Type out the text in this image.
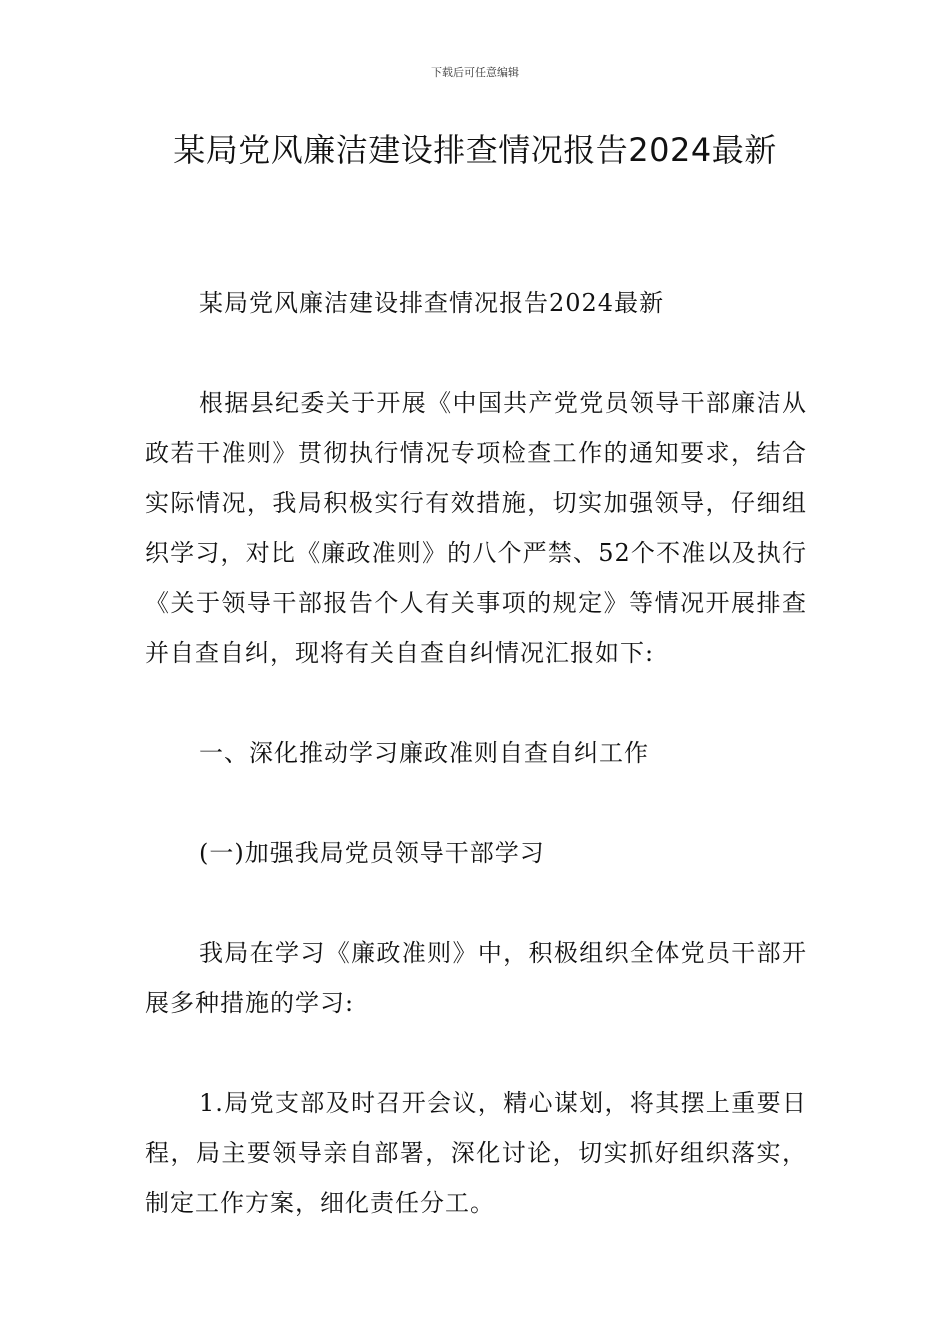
下载后可任意编辑
某局党风廉洁建设排查情况报告2024最新

某局党风廉洁建设排查情况报告2024最新

根据县纪委关于开展《中国共产党党员领导干部廉洁从政若干准则》贯彻执行情况专项检查工作的通知要求，结合实际情况，我局积极实行有效措施，切实加强领导，仔细组织学习，对比《廉政准则》的八个严禁、52个不准以及执行《关于领导干部报告个人有关事项的规定》等情况开展排查并自查自纠，现将有关自查自纠情况汇报如下:

一、深化推动学习廉政准则自查自纠工作

(一)加强我局党员领导干部学习

我局在学习《廉政准则》中，积极组织全体党员干部开展多种措施的学习:

1.局党支部及时召开会议，精心谋划，将其摆上重要日程，局主要领导亲自部署，深化讨论，切实抓好组织落实，制定工作方案，细化责任分工。
